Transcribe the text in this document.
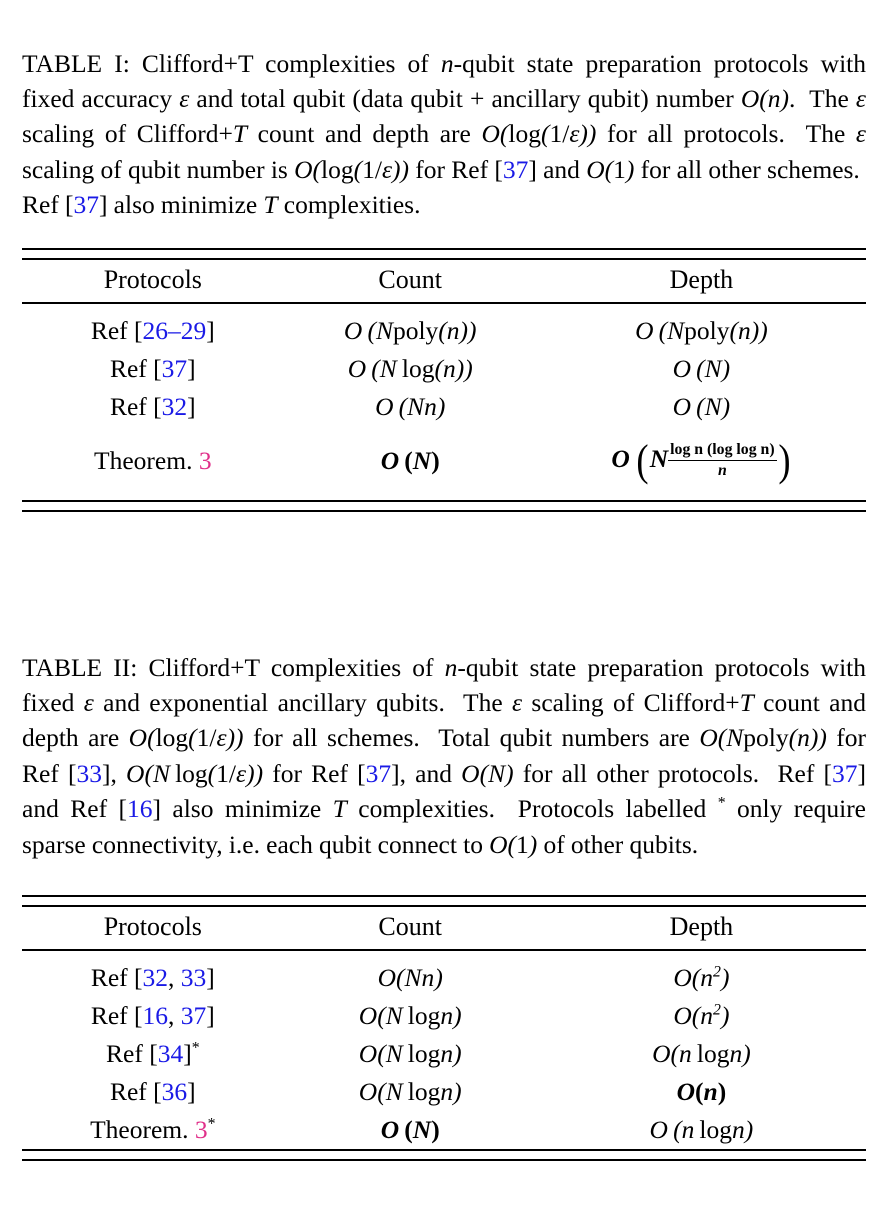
TABLE I: Clifford+T complexities of n-qubit state preparation protocols with fixed accuracy ε and total qubit (data qubit + ancillary qubit) number O(n).  The ε scaling of Clifford+T count and depth are O(log(1/ε)) for all protocols.  The ε scaling of qubit number is O(log(1/ε)) for Ref [37] and O(1) for all other schemes.  Ref [37] also minimize T complexities.

Protocols	Count	Depth

Ref [26–29]	O  (Npoly(n))	O  (Npoly(n))
Ref [37]	O  (N log(n))	O  (N)
Ref [32]	O  (Nn)	O  (N)
Theorem. 3	O  (N)	O  ($N \frac{\text{log n (log log n)}}{n}$ )

TABLE II: Clifford+T complexities of n-qubit state preparation protocols with fixed ε and exponential ancillary qubits.  The ε scaling of Clifford+T count and depth are O(log(1/ε)) for all schemes.  Total qubit numbers are O(Npoly(n)) for Ref [33], O(N log(1/ε)) for Ref [37], and O(N) for all other protocols.  Ref [37] and Ref [16] also minimize T complexities.  Protocols labelled * only require sparse connectivity, i.e. each qubit connect to O(1) of other qubits.

Protocols	Count	Depth

Ref [32, 33]	O(Nn)	$O(n^2)$
Ref [16, 37]	O(N logn)	$O(n^2)$
Ref [34]*	O(N logn)	O(n logn)
Ref [36]	O(N logn)	O(n)
Theorem. 3*	O  (N)	O  (n logn)
